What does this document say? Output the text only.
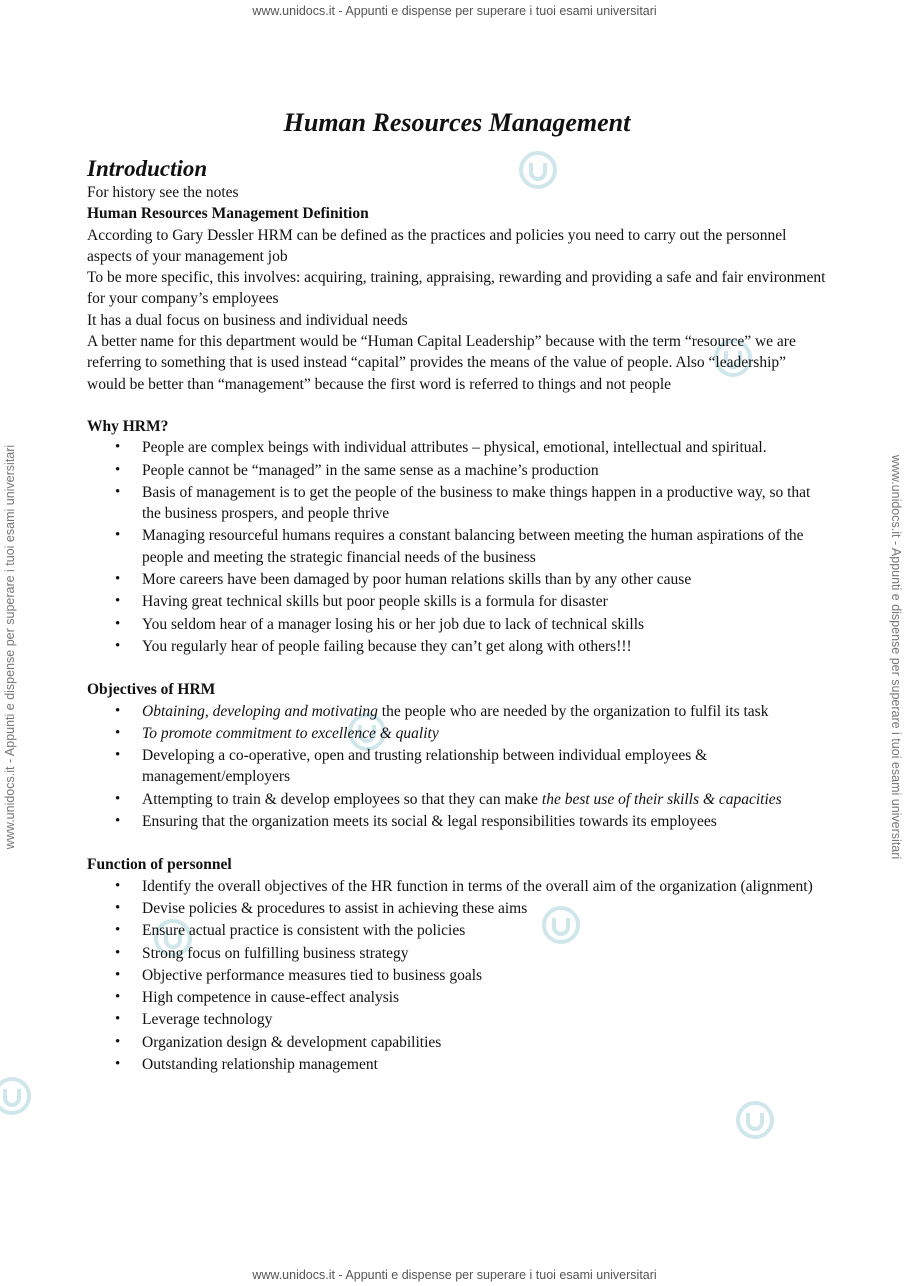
www.unidocs.it - Appunti e dispense per superare i tuoi esami universitari
www.unidocs.it - Appunti e dispense per superare i tuoi esami universitari
www.unidocs.it - Appunti e dispense per superare i tuoi esami universitari	www.unidocs.it - Appunti e dispense per superare i tuoi esami universitari
Human Resources Management
Introduction

For history see the notes

Human Resources Management Definition

According to Gary Dessler HRM can be defined as the practices and policies you need to carry out the personnel aspects of your management job

To be more specific, this involves: acquiring, training, appraising, rewarding and providing a safe and fair environment for your company’s employees

It has a dual focus on business and individual needs

A better name for this department would be “Human Capital Leadership” because with the term “resource” we are referring to something that is used instead “capital” provides the means of the value of people. Also “leadership” would be better than “management” because the first word is referred to things and not people

Why HRM?

• People are complex beings with individual attributes – physical, emotional, intellectual and spiritual.
• People cannot be “managed” in the same sense as a machine’s production
• Basis of management is to get the people of the business to make things happen in a productive way, so that the business prospers, and people thrive
• Managing resourceful humans requires a constant balancing between meeting the human aspirations of the people and meeting the strategic financial needs of the business
• More careers have been damaged by poor human relations skills than by any other cause
• Having great technical skills but poor people skills is a formula for disaster
• You seldom hear of a manager losing his or her job due to lack of technical skills
• You regularly hear of people failing because they can’t get along with others!!!

Objectives of HRM

• Obtaining, developing and motivating the people who are needed by the organization to fulfil its task
• To promote commitment to excellence & quality
• Developing a co-operative, open and trusting relationship between individual employees & management/employers
• Attempting to train & develop employees so that they can make the best use of their skills & capacities
• Ensuring that the organization meets its social & legal responsibilities towards its employees

Function of personnel

• Identify the overall objectives of the HR function in terms of the overall aim of the organization (alignment)
• Devise policies & procedures to assist in achieving these aims
• Ensure actual practice is consistent with the policies
• Strong focus on fulfilling business strategy
• Objective performance measures tied to business goals
• High competence in cause-effect analysis
• Leverage technology
• Organization design & development capabilities
• Outstanding relationship management
